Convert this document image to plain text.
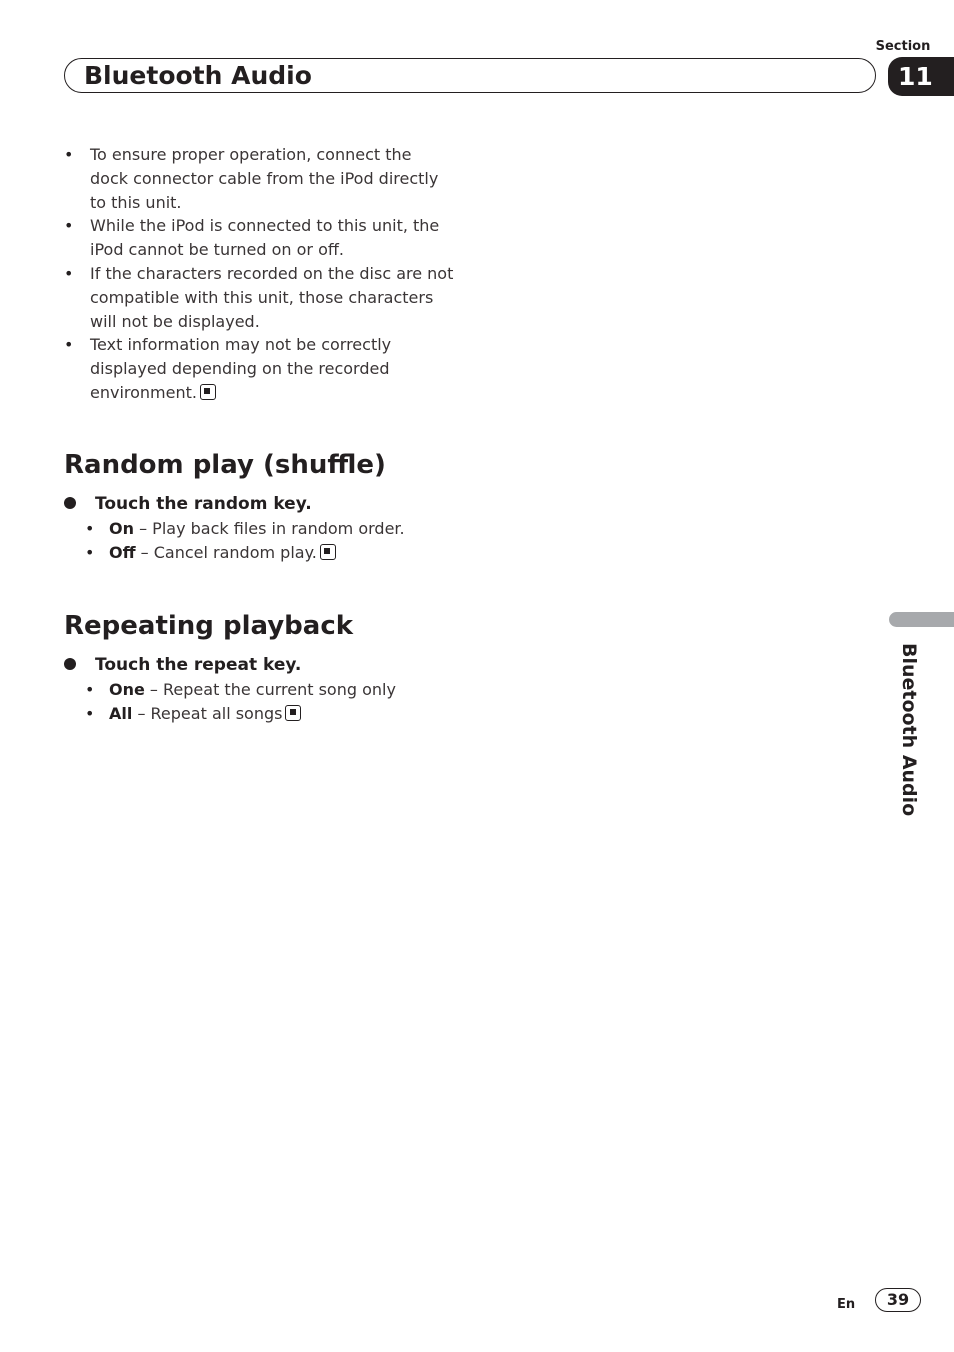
Section
11
Bluetooth Audio
• To ensure proper operation, connect the dock connector cable from the iPod directly to this unit.
• While the iPod is connected to this unit, the iPod cannot be turned on or off.
• If the characters recorded on the disc are not compatible with this unit, those characters will not be displayed.
• Text information may not be correctly displayed depending on the recorded environment.
Random play (shuffle)
Touch the random key.
• On – Play back files in random order.
• Off – Cancel random play.
Repeating playback
Touch the repeat key.
• One – Repeat the current song only
• All – Repeat all songs	Bluetooth Audio
En	39
